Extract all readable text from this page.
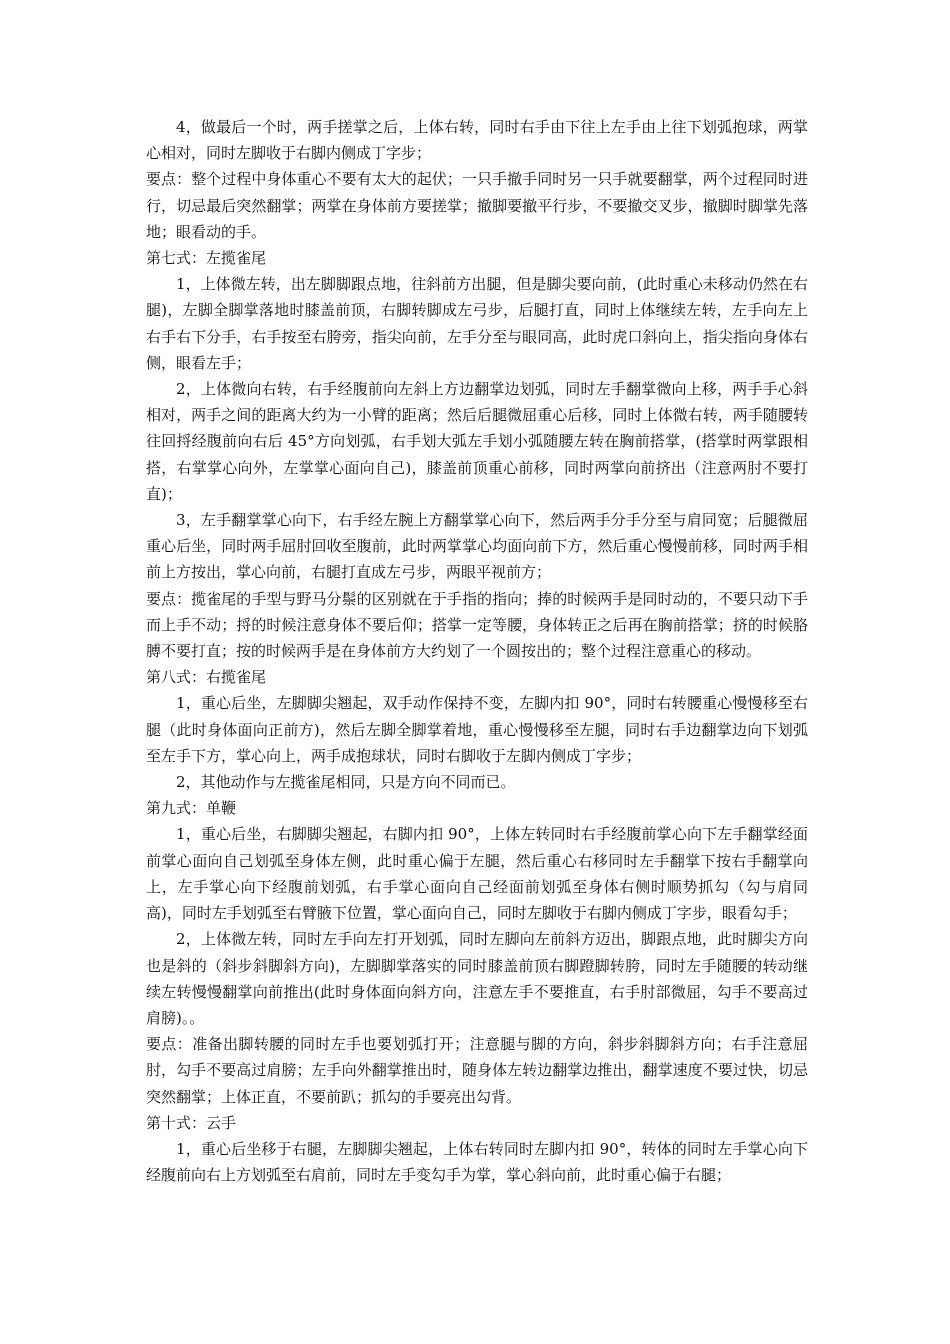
4，做最后一个时，两手搓掌之后，上体右转，同时右手由下往上左手由上往下划弧抱球，两掌心相对，同时左脚收于右脚内侧成丁字步；

要点：整个过程中身体重心不要有太大的起伏；一只手撤手同时另一只手就要翻掌，两个过程同时进行，切忌最后突然翻掌；两掌在身体前方要搓掌；撤脚要撤平行步，不要撤交叉步，撤脚时脚掌先落地；眼看动的手。

第七式：左揽雀尾

1，上体微左转，出左脚脚跟点地，往斜前方出腿，但是脚尖要向前，(此时重心未移动仍然在右腿)，左脚全脚掌落地时膝盖前顶，右脚转脚成左弓步，后腿打直，同时上体继续左转，左手向左上右手右下分手，右手按至右胯旁，指尖向前，左手分至与眼同高，此时虎口斜向上，指尖指向身体右侧，眼看左手；

2，上体微向右转，右手经腹前向左斜上方边翻掌边划弧，同时左手翻掌微向上移，两手手心斜相对，两手之间的距离大约为一小臂的距离；然后后腿微屈重心后移，同时上体微右转，两手随腰转往回捋经腹前向右后 45°方向划弧，右手划大弧左手划小弧随腰左转在胸前搭掌，(搭掌时两掌跟相搭，右掌掌心向外，左掌掌心面向自己)，膝盖前顶重心前移，同时两掌向前挤出（注意两肘不要打直)；

3，左手翻掌掌心向下，右手经左腕上方翻掌掌心向下，然后两手分手分至与肩同宽；后腿微屈重心后坐，同时两手屈肘回收至腹前，此时两掌掌心均面向前下方，然后重心慢慢前移，同时两手相前上方按出，掌心向前，右腿打直成左弓步，两眼平视前方；

要点：揽雀尾的手型与野马分鬃的区别就在于手指的指向；捧的时候两手是同时动的，不要只动下手而上手不动；捋的时候注意身体不要后仰；搭掌一定等腰，身体转正之后再在胸前搭掌；挤的时候胳膊不要打直；按的时候两手是在身体前方大约划了一个圆按出的；整个过程注意重心的移动。

第八式：右揽雀尾

1，重心后坐，左脚脚尖翘起，双手动作保持不变，左脚内扣 90°，同时右转腰重心慢慢移至右腿（此时身体面向正前方)，然后左脚全脚掌着地，重心慢慢移至左腿，同时右手边翻掌边向下划弧至左手下方，掌心向上，两手成抱球状，同时右脚收于左脚内侧成丁字步；

2，其他动作与左揽雀尾相同，只是方向不同而已。

第九式：单鞭

1，重心后坐，右脚脚尖翘起，右脚内扣 90°，上体左转同时右手经腹前掌心向下左手翻掌经面前掌心面向自己划弧至身体左侧，此时重心偏于左腿，然后重心右移同时左手翻掌下按右手翻掌向上，左手掌心向下经腹前划弧，右手掌心面向自己经面前划弧至身体右侧时顺势抓勾（勾与肩同高)，同时左手划弧至右臂腋下位置，掌心面向自己，同时左脚收于右脚内侧成丁字步，眼看勾手；

2，上体微左转，同时左手向左打开划弧，同时左脚向左前斜方迈出，脚跟点地，此时脚尖方向也是斜的（斜步斜脚斜方向)，左脚脚掌落实的同时膝盖前顶右脚蹬脚转胯，同时左手随腰的转动继续左转慢慢翻掌向前推出(此时身体面向斜方向，注意左手不要推直，右手肘部微屈，勾手不要高过肩膀)。。

要点：准备出脚转腰的同时左手也要划弧打开；注意腿与脚的方向，斜步斜脚斜方向；右手注意屈肘，勾手不要高过肩膀；左手向外翻掌推出时，随身体左转边翻掌边推出，翻掌速度不要过快，切忌突然翻掌；上体正直，不要前趴；抓勾的手要亮出勾背。

第十式：云手

1，重心后坐移于右腿，左脚脚尖翘起，上体右转同时左脚内扣 90°，转体的同时左手掌心向下经腹前向右上方划弧至右肩前，同时左手变勾手为掌，掌心斜向前，此时重心偏于右腿；
